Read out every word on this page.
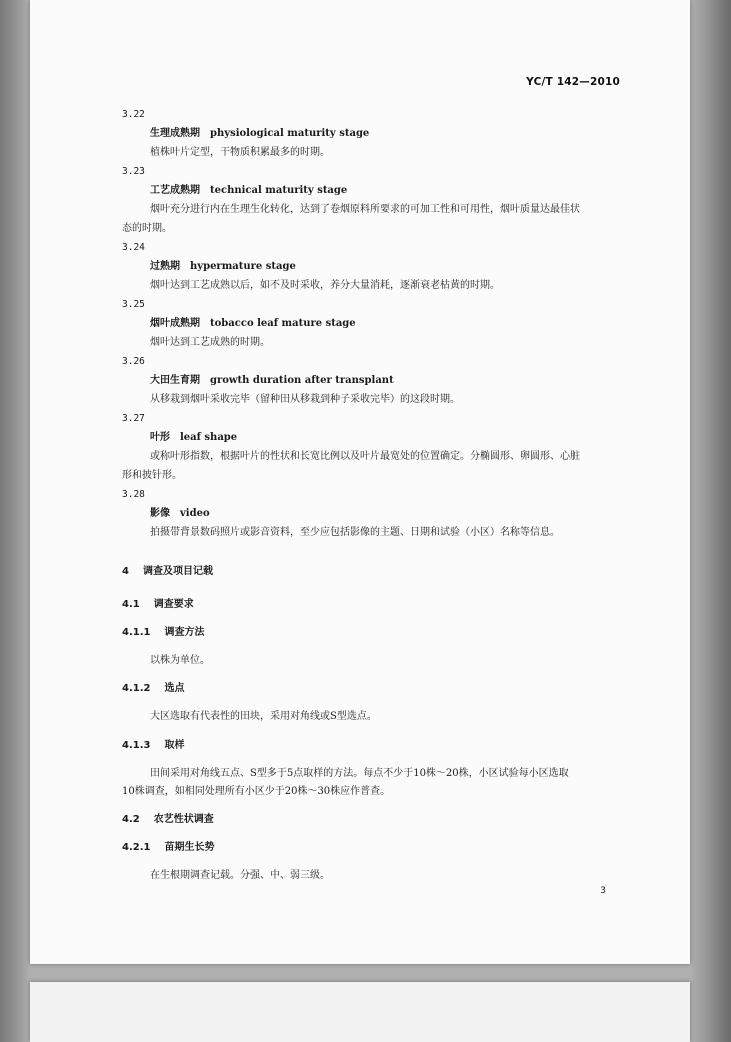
YC/T 142—2010
3.22
生理成熟期 physiological maturity stage
植株叶片定型，干物质积累最多的时期。
3.23
工艺成熟期 technical maturity stage
烟叶充分进行内在生理生化转化，达到了卷烟原料所要求的可加工性和可用性，烟叶质量达最佳状
态的时期。
3.24
过熟期 hypermature stage
烟叶达到工艺成熟以后，如不及时采收，养分大量消耗，逐渐衰老枯黄的时期。
3.25
烟叶成熟期 tobacco leaf mature stage
烟叶达到工艺成熟的时期。
3.26
大田生育期 growth duration after transplant
从移栽到烟叶采收完毕（留种田从移栽到种子采收完毕）的这段时期。
3.27
叶形 leaf shape
或称叶形指数，根据叶片的性状和长宽比例以及叶片最宽处的位置确定。分椭圆形、卵圆形、心脏
形和披针形。
3.28
影像 video
拍摄带背景数码照片或影音资料，至少应包括影像的主题、日期和试验（小区）名称等信息。
4 调查及项目记载
4.1 调查要求
4.1.1 调查方法
以株为单位。
4.1.2 选点
大区选取有代表性的田块，采用对角线或S型选点。
4.1.3 取样
田间采用对角线五点、S型多于5点取样的方法。每点不少于10株～20株，小区试验每小区选取
10株调查，如相同处理所有小区少于20株～30株应作普查。
4.2 农艺性状调查
4.2.1 苗期生长势
在生根期调查记载。分强、中、弱三级。
3
